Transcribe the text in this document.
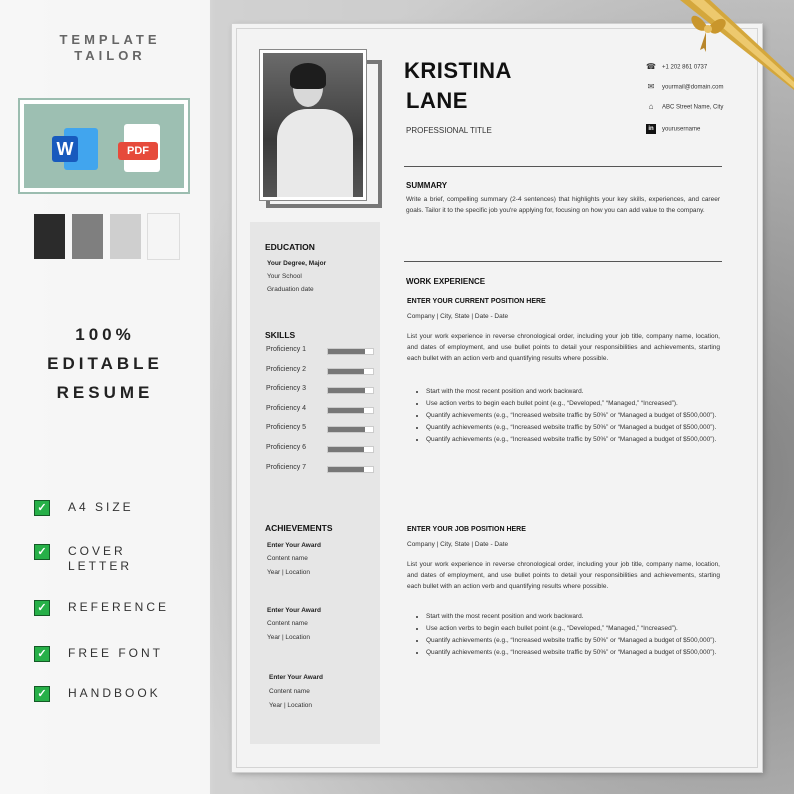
TEMPLATE
TAILOR
W	PDF
100%
EDITABLE
RESUME
✓ A4 SIZE
✓ COVER
LETTER
✓ REFERENCE
✓ FREE FONT
✓ HANDBOOK
KRISTINA
LANE
PROFESSIONAL TITLE
☎ +1 202 861 0737
✉ yourmail@domain.com
⌂ ABC Street Name, City
in yourusername
SUMMARY
Write a brief, compelling summary (2-4 sentences) that highlights your key skills, experiences, and career goals. Tailor it to the specific job you're applying for, focusing on how you can add value to the company.
EDUCATION
Your Degree, Major
Your School
Graduation date
SKILLS
ACHIEVEMENTS
Enter Your Award
Content name
Year | Location
Enter Your Award
Content name
Year | Location
Enter Your Award
Content name
Year | Location
WORK EXPERIENCE
ENTER YOUR CURRENT POSITION HERE
Company | City, State | Date - Date
List your work experience in reverse chronological order, including your job title, company name, location, and dates of employment, and use bullet points to detail your responsibilities and achievements, starting each bullet with an action verb and quantifying results where possible.
• Start with the most recent position and work backward.
• Use action verbs to begin each bullet point (e.g., “Developed,” “Managed,” “Increased”).
• Quantify achievements (e.g., “Increased website traffic by 50%” or “Managed a budget of $500,000”).
• Quantify achievements (e.g., “Increased website traffic by 50%” or “Managed a budget of $500,000”).
• Quantify achievements (e.g., “Increased website traffic by 50%” or “Managed a budget of $500,000”).
ENTER YOUR JOB POSITION HERE
Company | City, State | Date - Date
List your work experience in reverse chronological order, including your job title, company name, location, and dates of employment, and use bullet points to detail your responsibilities and achievements, starting each bullet with an action verb and quantifying results where possible.
• Start with the most recent position and work backward.
• Use action verbs to begin each bullet point (e.g., “Developed,” “Managed,” “Increased”).
• Quantify achievements (e.g., “Increased website traffic by 50%” or “Managed a budget of $500,000”).
• Quantify achievements (e.g., “Increased website traffic by 50%” or “Managed a budget of $500,000”).
Proficiency 1
Proficiency 2
Proficiency 3
Proficiency 4
Proficiency 5
Proficiency 6
Proficiency 7
